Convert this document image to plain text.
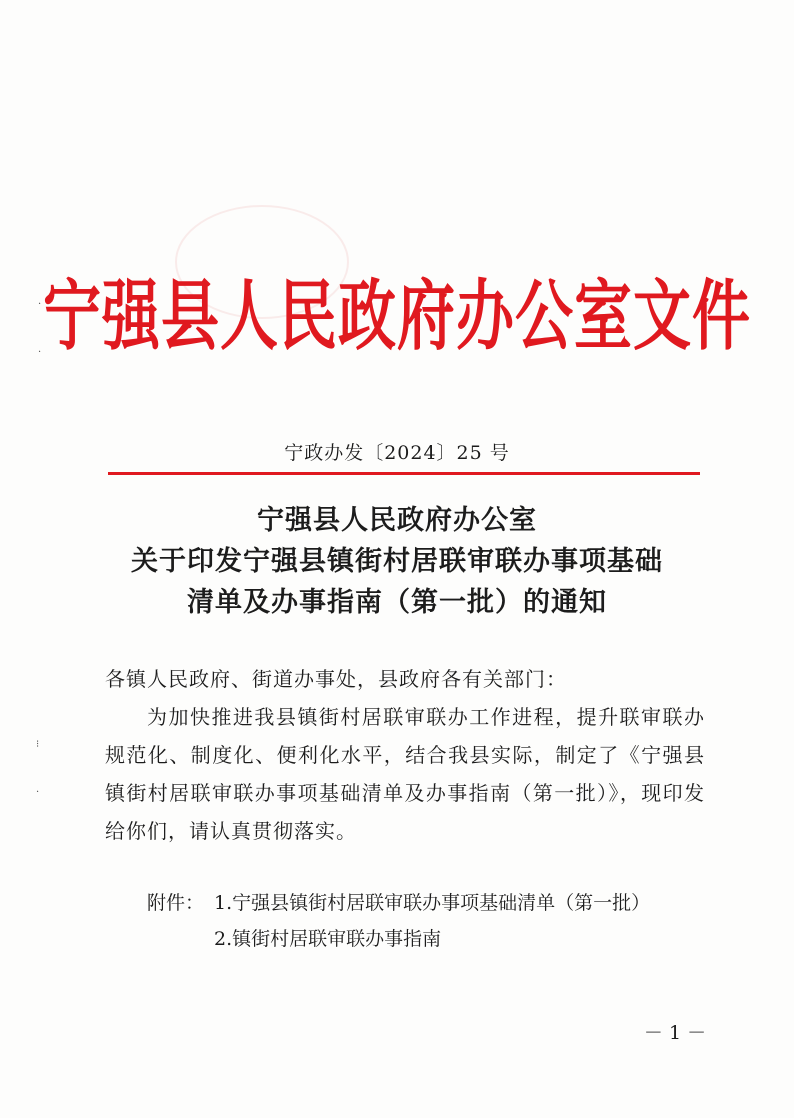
·
·
⁝
·
宁强县人民政府办公室文件
宁政办发〔2024〕25 号
宁强县人民政府办公室
关于印发宁强县镇街村居联审联办事项基础
清单及办事指南（第一批）的通知
各镇人民政府、街道办事处，县政府各有关部门：
为加快推进我县镇街村居联审联办工作进程，提升联审联办规范化、制度化、便利化水平，结合我县实际，制定了《宁强县镇街村居联审联办事项基础清单及办事指南（第一批）》，现印发给你们，请认真贯彻落实。
附件： 1.宁强县镇街村居联审联办事项基础清单（第一批）
2.镇街村居联审联办事指南
－ 1 －
